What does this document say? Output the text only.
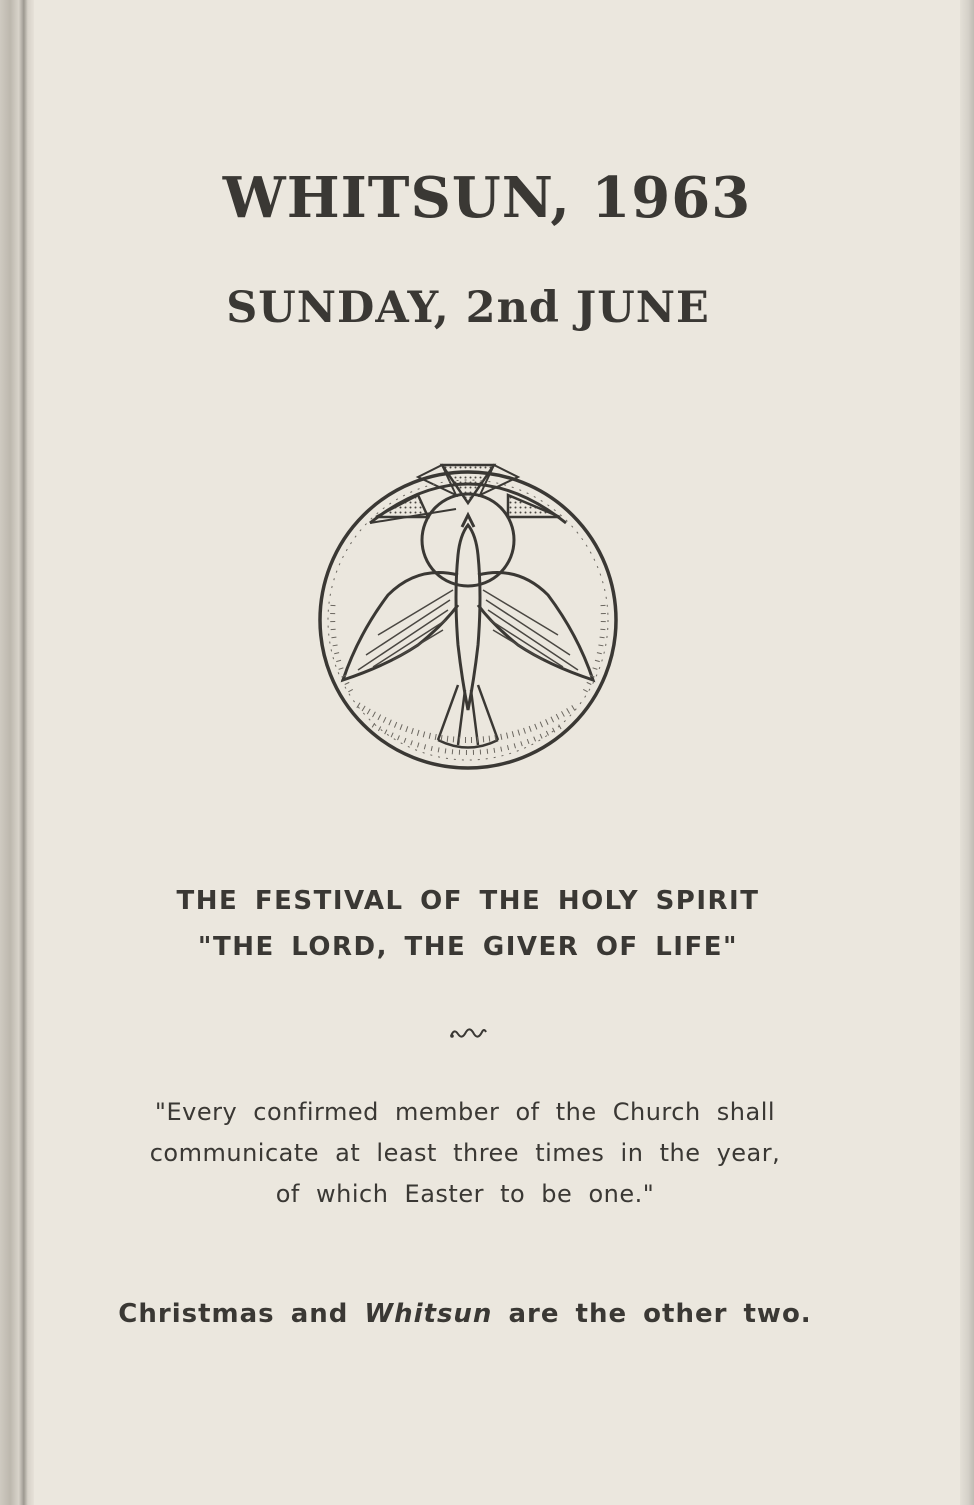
WHITSUN, 1963
SUNDAY, 2nd JUNE

THE FESTIVAL OF THE HOLY SPIRIT
"THE LORD, THE GIVER OF LIFE"

"Every confirmed member of the Church shall
communicate at least three times in the year,
of which Easter to be one."

Christmas and Whitsun are the other two.
